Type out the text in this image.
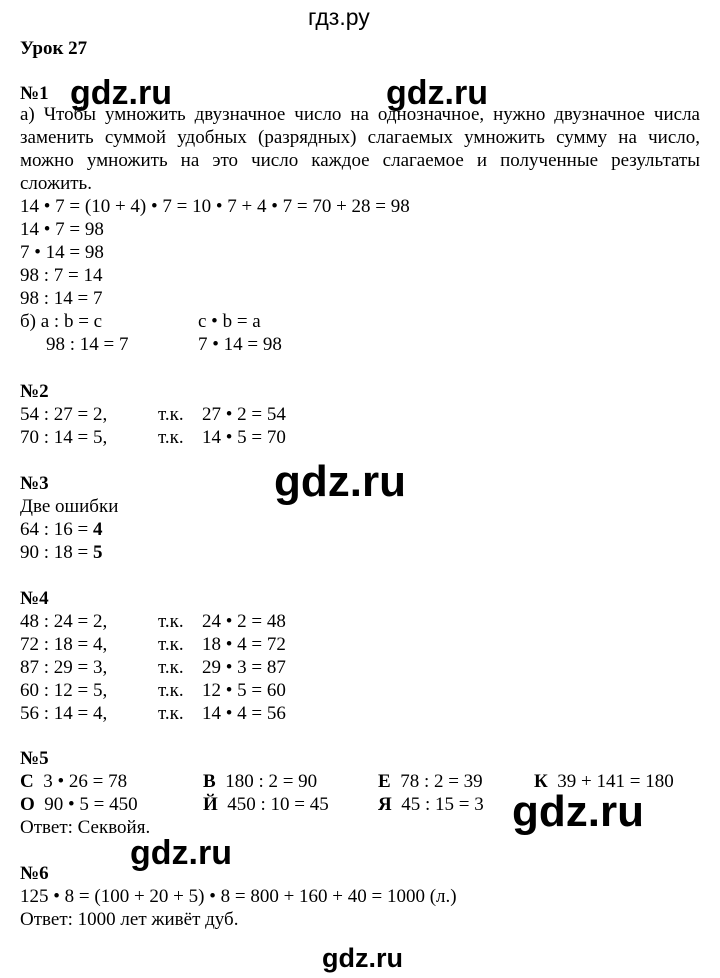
гдз.ру
Урок 27
gdz.ru	gdz.ru
gdz.ru
gdz.ru
gdz.ru
gdz.ru
№1
а) Чтобы умножить двузначное число на однозначное, нужно двузначное числа заменить суммой удобных (разрядных) слагаемых умножить сумму на число, можно умножить на это число каждое слагаемое и полученные результаты сложить.
14 • 7 = (10 + 4) • 7 = 10 • 7 + 4 • 7 = 70 + 28 = 98
14 • 7 = 98
7 • 14 = 98
98 : 7 = 14
98 : 14 = 7
б) а : b = c	c • b = a
98 : 14 = 7	7 • 14 = 98
№2
54 : 27 = 2,	т.к. 27 • 2 = 54
70 : 14 = 5,	т.к. 14 • 5 = 70
№3
Две ошибки
64 : 16 = 4
90 : 18 = 5
№4
48 : 24 = 2,	т.к. 24 • 2 = 48
72 : 18 = 4,	т.к. 18 • 4 = 72
87 : 29 = 3,	т.к. 29 • 3 = 87
60 : 12 = 5,	т.к. 12 • 5 = 60
56 : 14 = 4,	т.к. 14 • 4 = 56
№5
С 3 • 26 = 78	В 180 : 2 = 90	Е 78 : 2 = 39	К 39 + 141 = 180
О 90 • 5 = 450	Й 450 : 10 = 45	Я 45 : 15 = 3
Ответ: Секвойя.
№6
125 • 8 = (100 + 20 + 5) • 8 = 800 + 160 + 40 = 1000 (л.)
Ответ: 1000 лет живёт дуб.
